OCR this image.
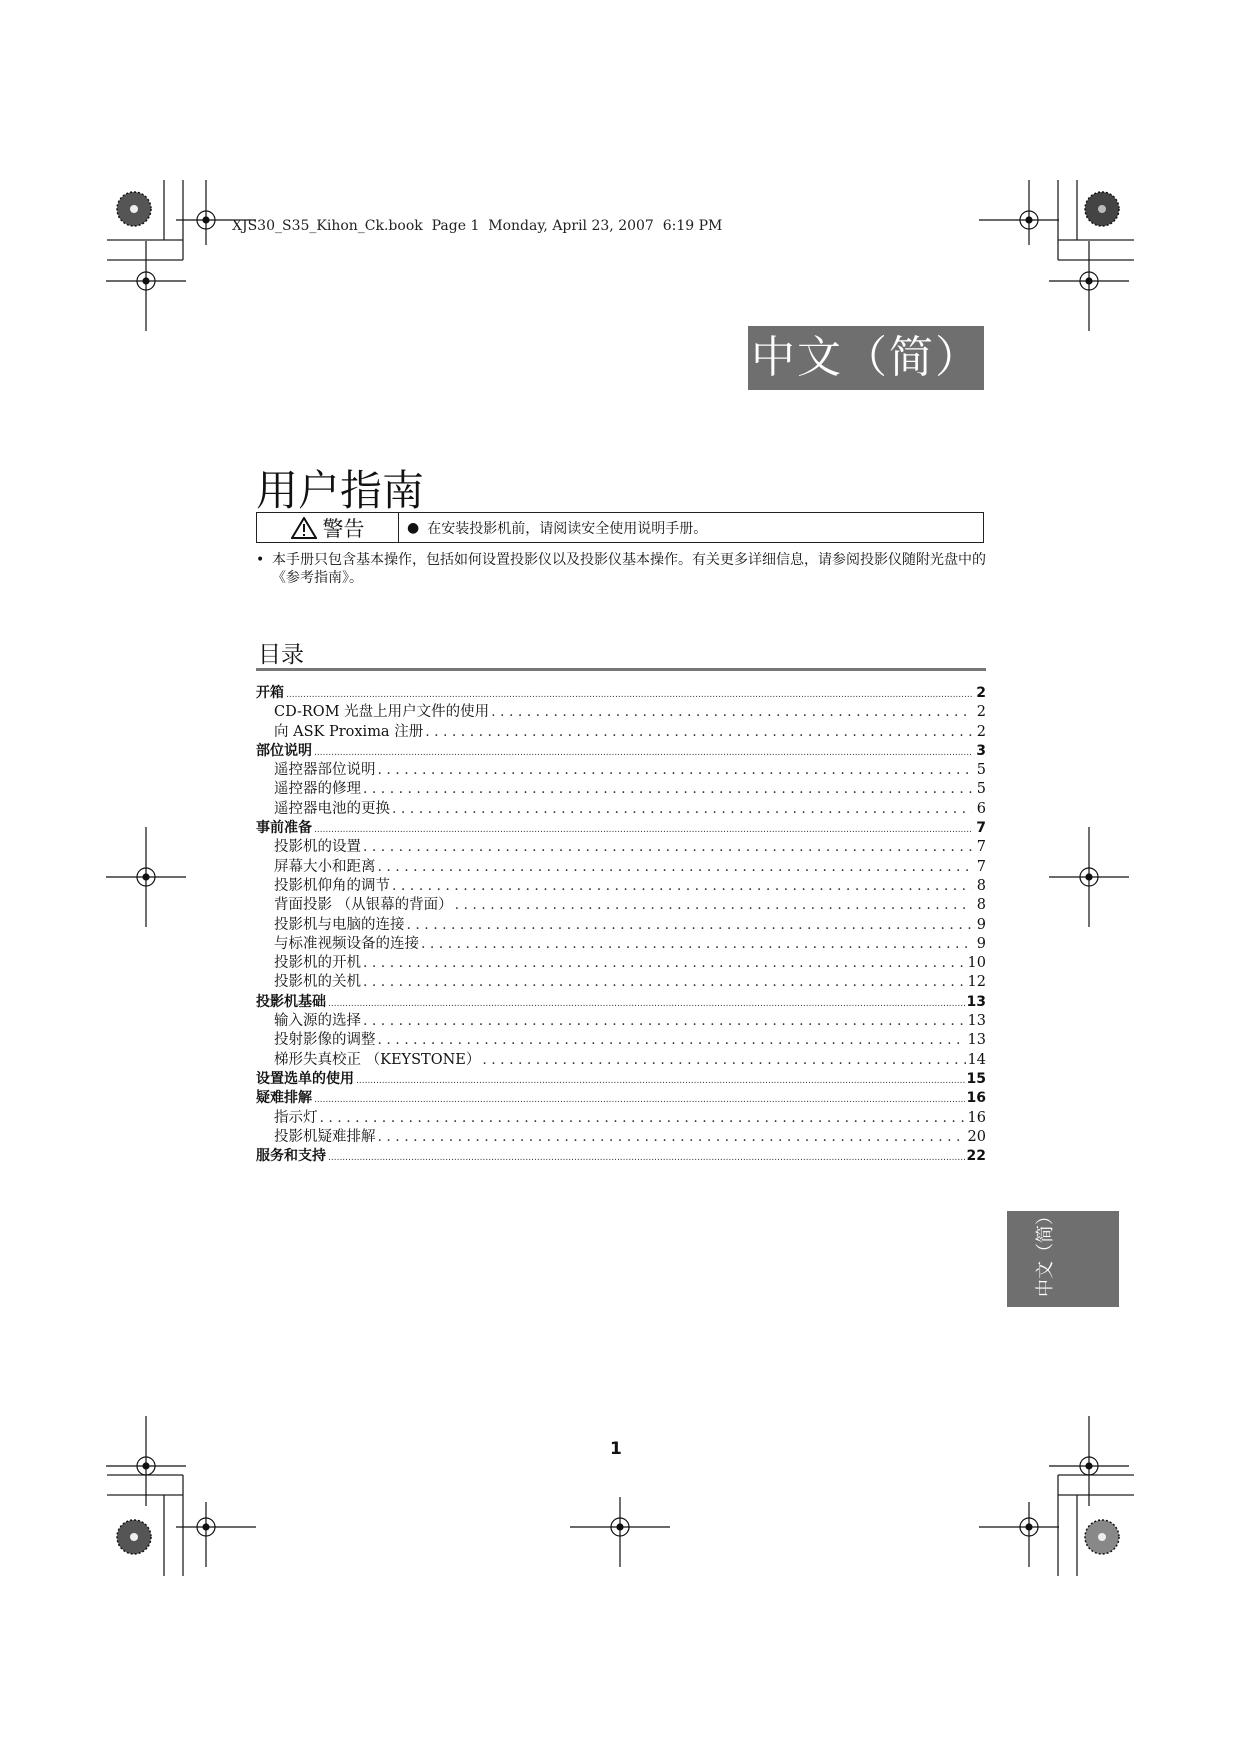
XJS30_S35_Kihon_Ck.book  Page 1  Monday, April 23, 2007  6:19 PM
中文（简）
中文（简）
用户指南
警告	● 在安装投影机前，请阅读安全使用说明手册。
• 本手册只包含基本操作，包括如何设置投影仪以及投影仪基本操作。有关更多详细信息，请参阅投影仪随附光盘中的《参考指南》。
目录
开箱 .....	2
CD-ROM 光盘上用户文件的使用 . . .	2
向 ASK Proxima 注册 . . .	2
部位说明 .....	3
遥控器部位说明 . . .	5
遥控器的修理 . . .	5
遥控器电池的更换 . . .	6
事前准备 .....	7
投影机的设置 . . .	7
屏幕大小和距离 . . .	7
投影机仰角的调节 . . .	8
背面投影 （从银幕的背面） . . .	8
投影机与电脑的连接 . . .	9
与标准视频设备的连接 . . .	9
投影机的开机 . . .	10
投影机的关机 . . .	12
投影机基础 .....	13
输入源的选择 . . .	13
投射影像的调整 . . .	13
梯形失真校正 （KEYSTONE） . . .	14
设置选单的使用 .....	15
疑难排解 .....	16
指示灯 . . .	16
投影机疑难排解 . . .	20
服务和支持 .....	22
1
